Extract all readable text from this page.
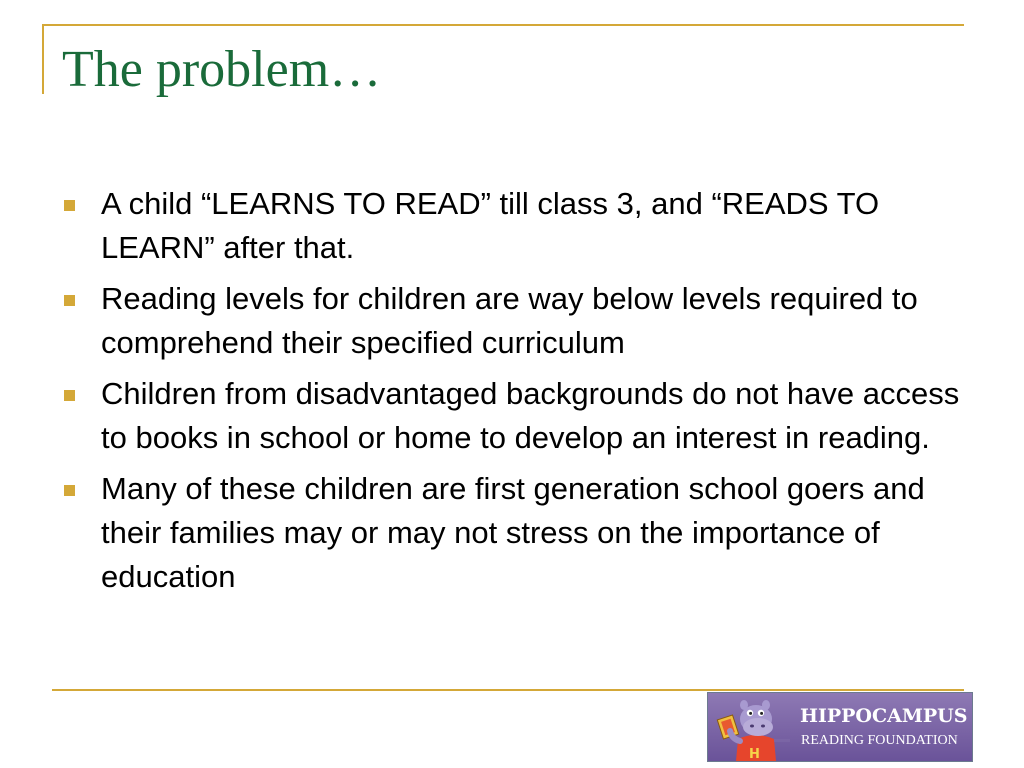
The problem…
A child “LEARNS TO READ” till class 3, and “READS TO LEARN” after that.
Reading levels for children are way below levels required to comprehend their specified curriculum
Children from disadvantaged backgrounds do not have access to books in school or home to develop an interest in reading.
Many of these children are first generation school goers and their families may or may not stress on the importance of education
H
HIPPOCAMPUS
READING FOUNDATION
